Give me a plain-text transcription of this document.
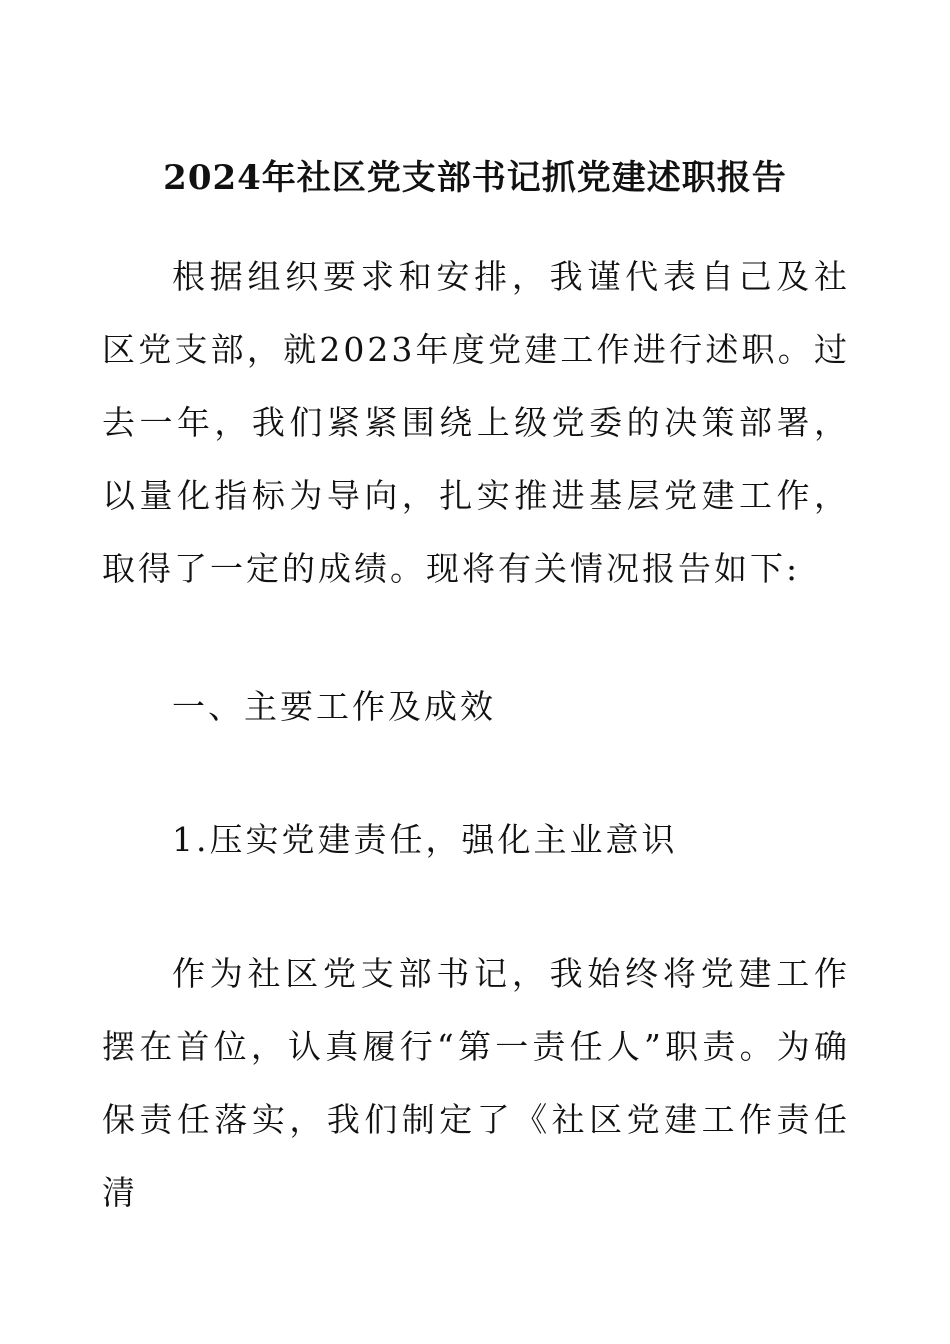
2024年社区党支部书记抓党建述职报告

根据组织要求和安排，我谨代表自己及社区党支部，就2023年度党建工作进行述职。过去一年，我们紧紧围绕上级党委的决策部署，以量化指标为导向，扎实推进基层党建工作，取得了一定的成绩。现将有关情况报告如下:

一、主要工作及成效

1.压实党建责任，强化主业意识

作为社区党支部书记，我始终将党建工作摆在首位，认真履行“第一责任人”职责。为确保责任落实，我们制定了《社区党建工作责任清
